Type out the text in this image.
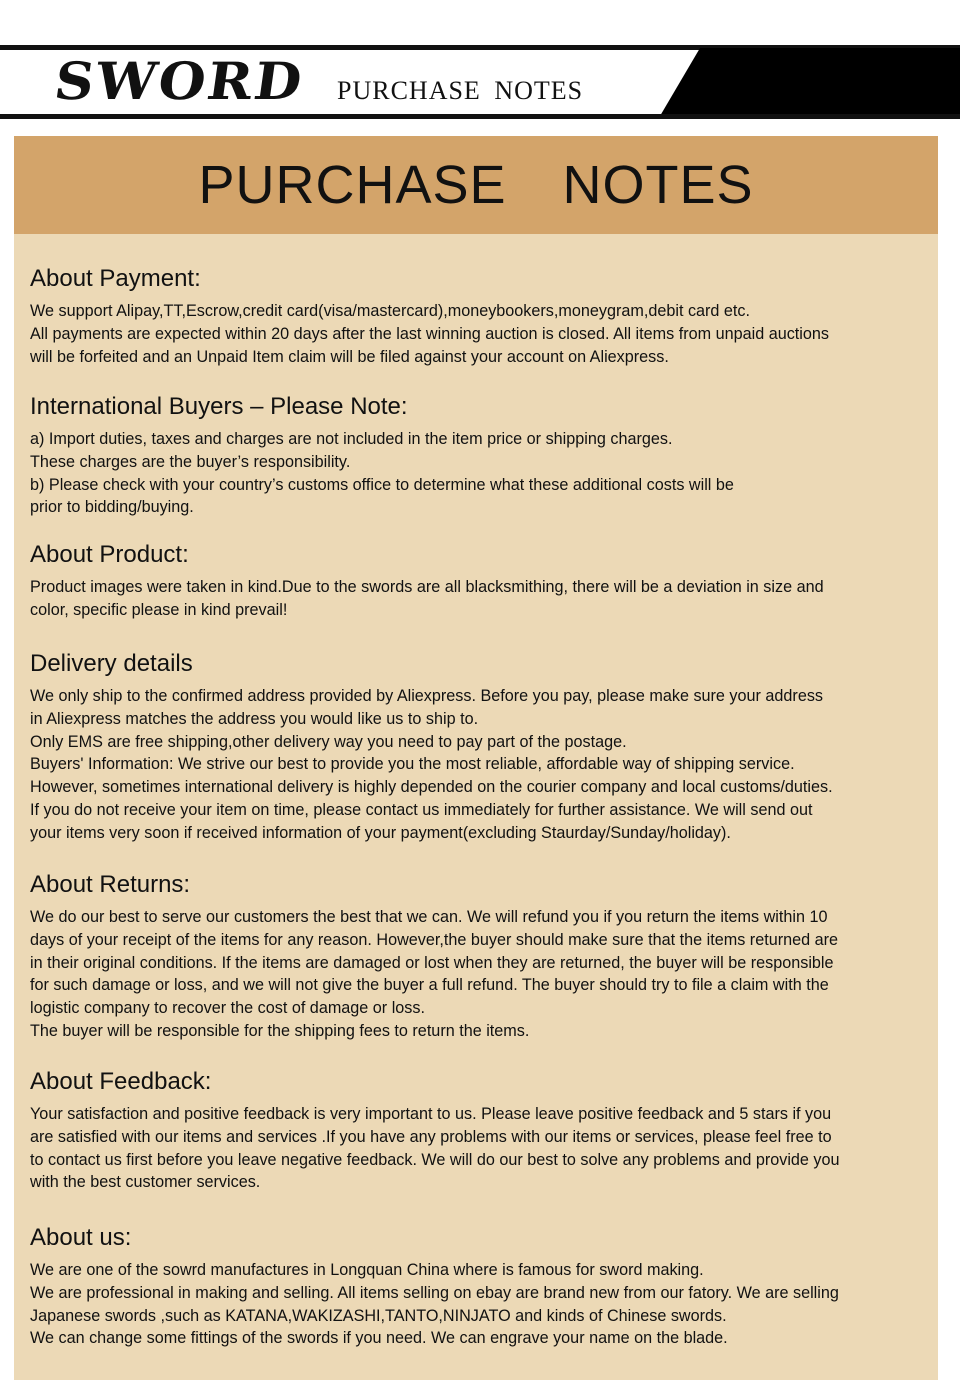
SWORD PURCHASE NOTES
PURCHASE NOTES
About Payment:

We support Alipay,TT,Escrow,credit card(visa/mastercard),moneybookers,moneygram,debit card etc.

All payments are expected within 20 days after the last winning auction is closed. All items from unpaid auctions

will be forfeited and an Unpaid Item claim will be filed against your account on Aliexpress.

International Buyers – Please Note:

a) Import duties, taxes and charges are not included in the item price or shipping charges.

These charges are the buyer’s responsibility.

b) Please check with your country’s customs office to determine what these additional costs will be

prior to bidding/buying.

About Product:

Product images were taken in kind.Due to the swords are all blacksmithing, there will be a deviation in size and

color, specific please in kind prevail!

Delivery details

We only ship to the confirmed address provided by Aliexpress. Before you pay, please make sure your address

in Aliexpress matches the address you would like us to ship to.

Only EMS are free shipping,other delivery way you need to pay part of the postage.

Buyers' Information: We strive our best to provide you the most reliable, affordable way of shipping service.

However, sometimes international delivery is highly depended on the courier company and local customs/duties.

If you do not receive your item on time, please contact us immediately for further assistance. We will send out

your items very soon if received information of your payment(excluding Staurday/Sunday/holiday).

About Returns:

We do our best to serve our customers the best that we can. We will refund you if you return the items within 10

days of your receipt of the items for any reason. However,the buyer should make sure that the items returned are

in their original conditions. If the items are damaged or lost when they are returned, the buyer will be responsible

for such damage or loss, and we will not give the buyer a full refund. The buyer should try to file a claim with the

logistic company to recover the cost of damage or loss.

The buyer will be responsible for the shipping fees to return the items.

About Feedback:

Your satisfaction and positive feedback is very important to us. Please leave positive feedback and 5 stars if you

are satisfied with our items and services .If you have any problems with our items or services, please feel free to

to contact us first before you leave negative feedback. We will do our best to solve any problems and provide you

with the best customer services.

About us:

We are one of the sowrd manufactures in Longquan China where is famous for sword making.

We are professional in making and selling. All items selling on ebay are brand new from our fatory. We are selling

Japanese swords ,such as KATANA,WAKIZASHI,TANTO,NINJATO and kinds of Chinese swords.

We can change some fittings of the swords if you need. We can engrave your name on the blade.
